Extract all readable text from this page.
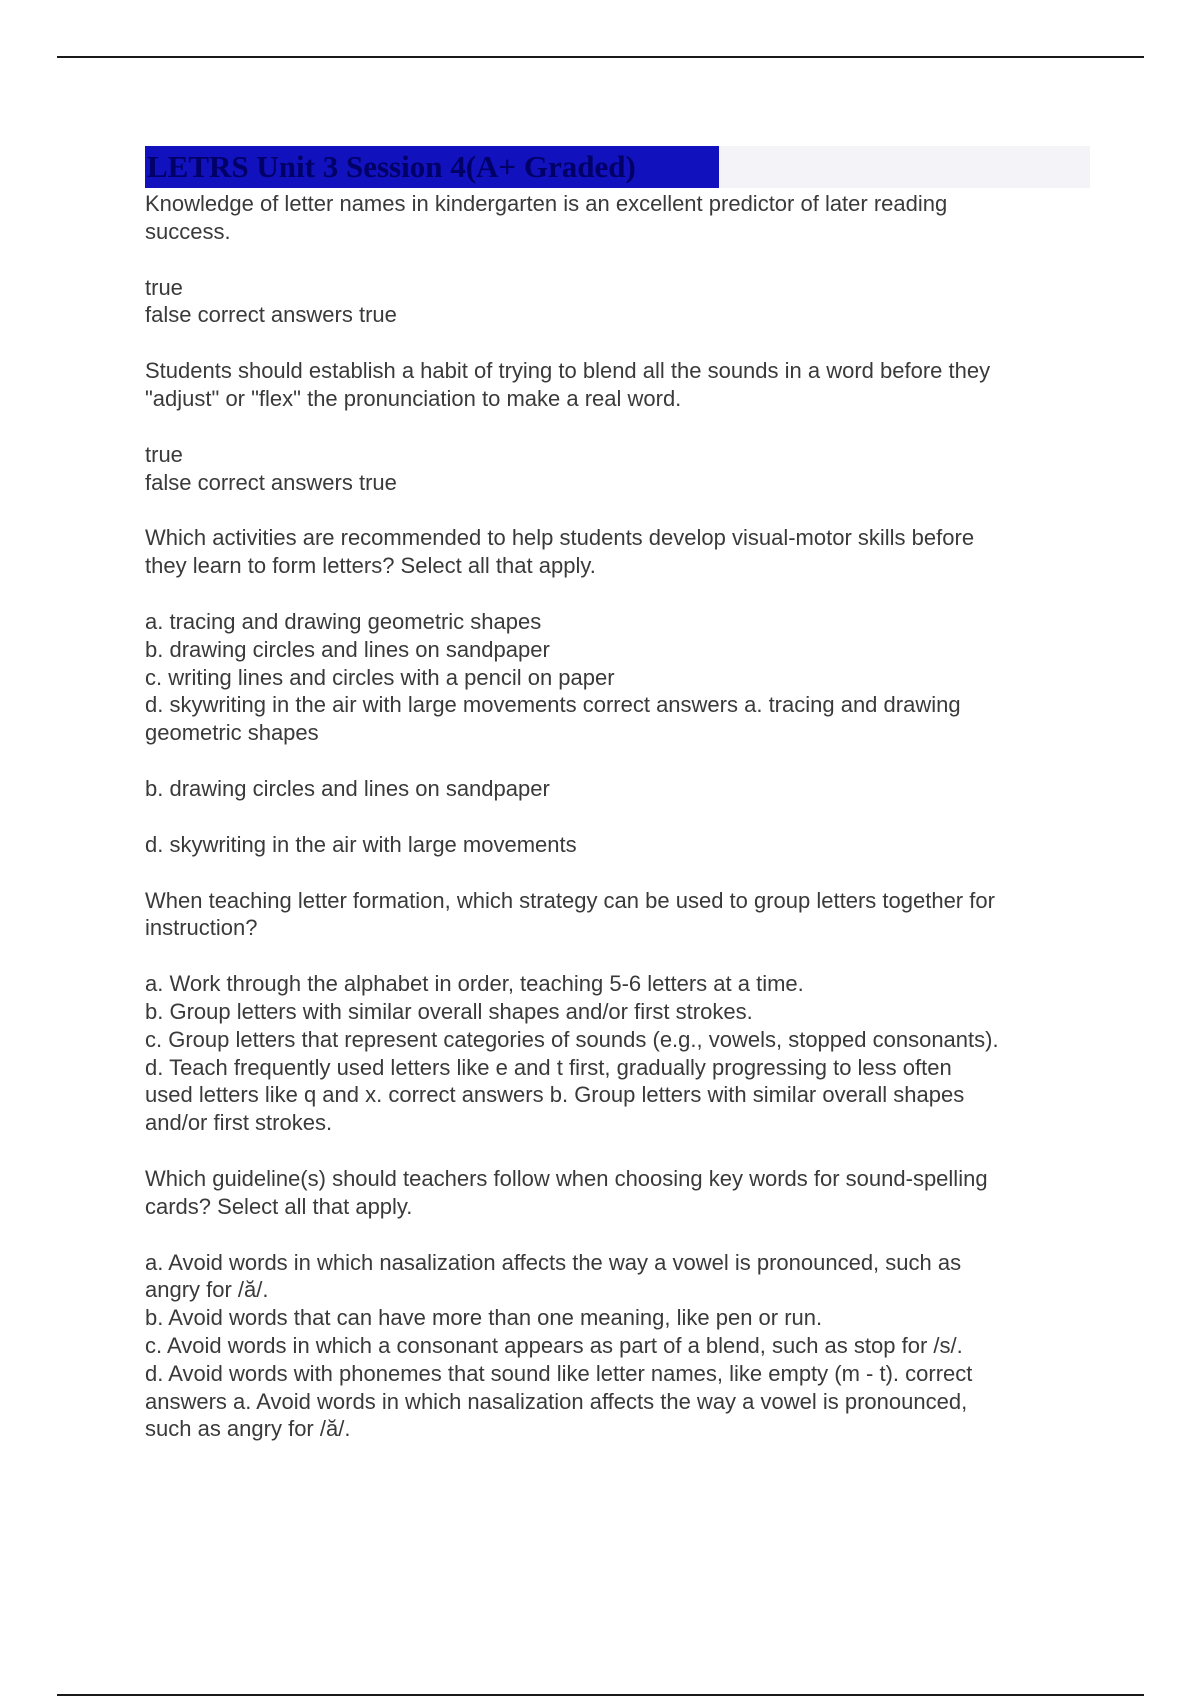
LETRS Unit 3 Session 4(A+ Graded)
Knowledge of letter names in kindergarten is an excellent predictor of later reading
success.
true
false correct answers true
Students should establish a habit of trying to blend all the sounds in a word before they
"adjust" or "flex" the pronunciation to make a real word.
true
false correct answers true
Which activities are recommended to help students develop visual-motor skills before
they learn to form letters? Select all that apply.
a. tracing and drawing geometric shapes
b. drawing circles and lines on sandpaper
c. writing lines and circles with a pencil on paper
d. skywriting in the air with large movements correct answers a. tracing and drawing
geometric shapes
b. drawing circles and lines on sandpaper
d. skywriting in the air with large movements
When teaching letter formation, which strategy can be used to group letters together for
instruction?
a. Work through the alphabet in order, teaching 5-6 letters at a time.
b. Group letters with similar overall shapes and/or first strokes.
c. Group letters that represent categories of sounds (e.g., vowels, stopped consonants).
d. Teach frequently used letters like e and t first, gradually progressing to less often
used letters like q and x. correct answers b. Group letters with similar overall shapes
and/or first strokes.
Which guideline(s) should teachers follow when choosing key words for sound-spelling
cards? Select all that apply.
a. Avoid words in which nasalization affects the way a vowel is pronounced, such as
angry for /ă/.
b. Avoid words that can have more than one meaning, like pen or run.
c. Avoid words in which a consonant appears as part of a blend, such as stop for /s/.
d. Avoid words with phonemes that sound like letter names, like empty (m - t). correct
answers a. Avoid words in which nasalization affects the way a vowel is pronounced,
such as angry for /ă/.
